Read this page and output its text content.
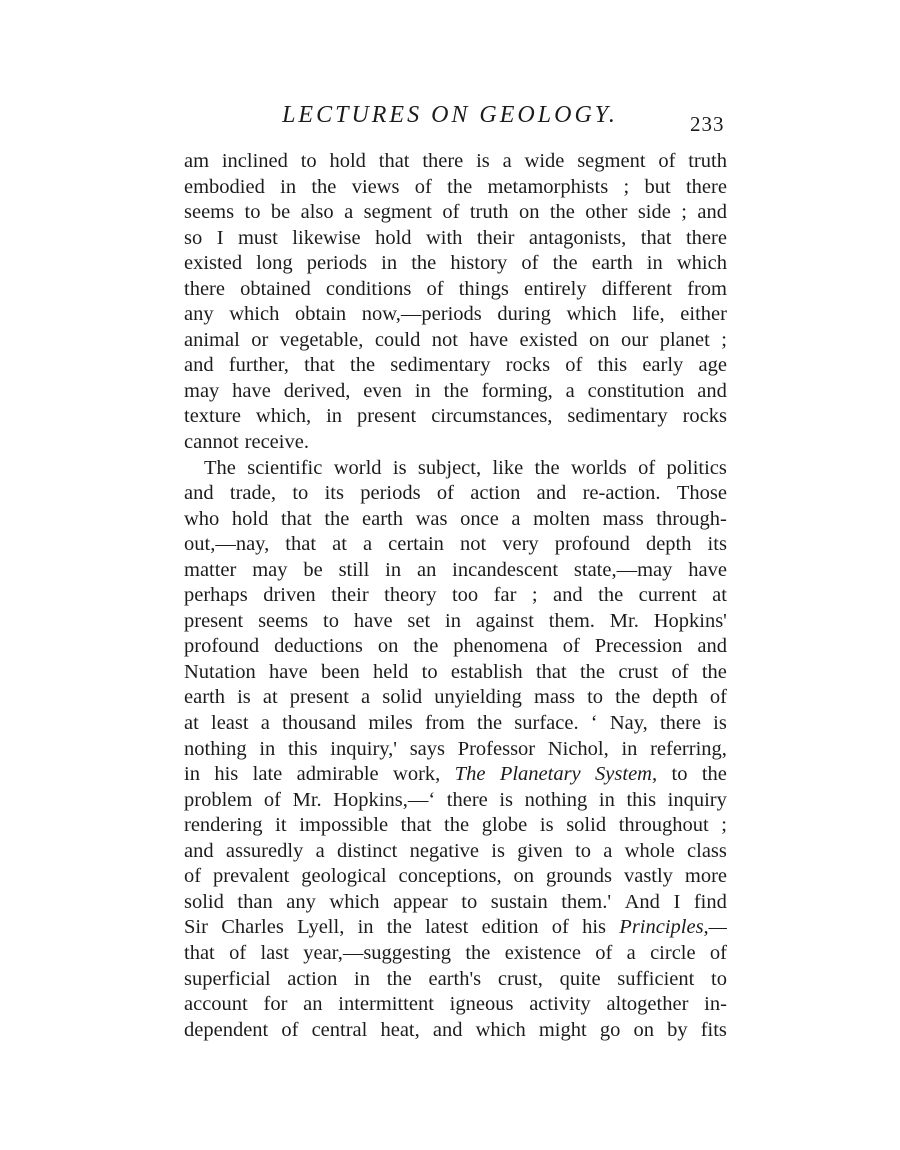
LECTURES ON GEOLOGY.	233
am inclined to hold that there is a wide segment of truth
embodied in the views of the metamorphists ; but there
seems to be also a segment of truth on the other side ; and
so I must likewise hold with their antagonists, that there
existed long periods in the history of the earth in which
there obtained conditions of things entirely different from
any which obtain now,—periods during which life, either
animal or vegetable, could not have existed on our planet ;
and further, that the sedimentary rocks of this early age
may have derived, even in the forming, a constitution and
texture which, in present circumstances, sedimentary rocks
cannot receive.
The scientific world is subject, like the worlds of politics
and trade, to its periods of action and re-action. Those
who hold that the earth was once a molten mass through-
out,—nay, that at a certain not very profound depth its
matter may be still in an incandescent state,—may have
perhaps driven their theory too far ; and the current at
present seems to have set in against them. Mr. Hopkins'
profound deductions on the phenomena of Precession and
Nutation have been held to establish that the crust of the
earth is at present a solid unyielding mass to the depth of
at least a thousand miles from the surface. ‘ Nay, there is
nothing in this inquiry,' says Professor Nichol, in referring,
in his late admirable work, The Planetary System, to the
problem of Mr. Hopkins,—‘ there is nothing in this inquiry
rendering it impossible that the globe is solid throughout ;
and assuredly a distinct negative is given to a whole class
of prevalent geological conceptions, on grounds vastly more
solid than any which appear to sustain them.' And I find
Sir Charles Lyell, in the latest edition of his Principles,—
that of last year,—suggesting the existence of a circle of
superficial action in the earth's crust, quite sufficient to
account for an intermittent igneous activity altogether in-
dependent of central heat, and which might go on by fits
